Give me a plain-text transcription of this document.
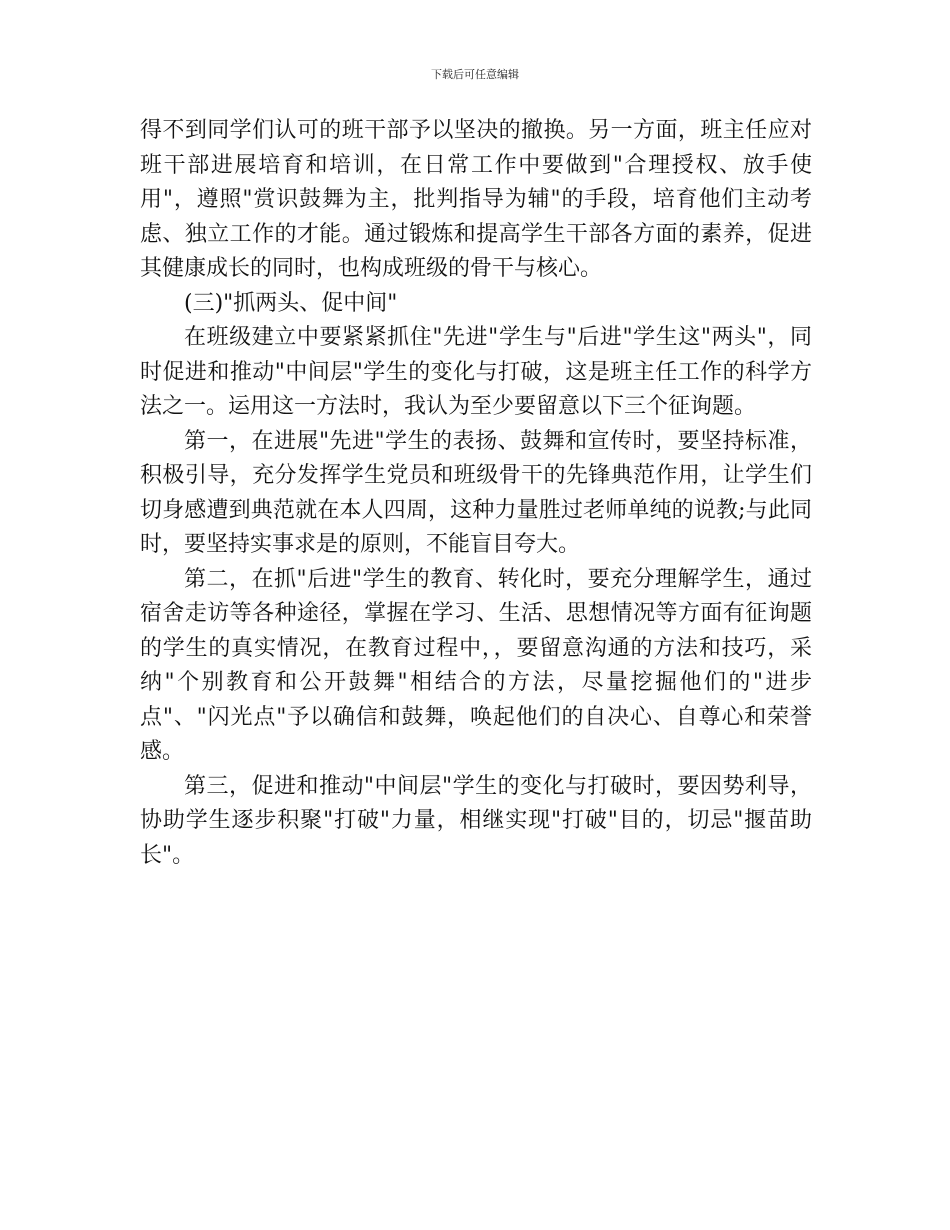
下载后可任意编辑

得不到同学们认可的班干部予以坚决的撤换。另一方面，班主任应对班干部进展培育和培训，在日常工作中要做到"合理授权、放手使用"，遵照"赏识鼓舞为主，批判指导为辅"的手段，培育他们主动考虑、独立工作的才能。通过锻炼和提高学生干部各方面的素养，促进其健康成长的同时，也构成班级的骨干与核心。

(三)"抓两头、促中间"

在班级建立中要紧紧抓住"先进"学生与"后进"学生这"两头"，同时促进和推动"中间层"学生的变化与打破，这是班主任工作的科学方法之一。运用这一方法时，我认为至少要留意以下三个征询题。

第一，在进展"先进"学生的表扬、鼓舞和宣传时，要坚持标准，积极引导，充分发挥学生党员和班级骨干的先锋典范作用，让学生们切身感遭到典范就在本人四周，这种力量胜过老师单纯的说教;与此同时，要坚持实事求是的原则，不能盲目夸大。

第二，在抓"后进"学生的教育、转化时，要充分理解学生，通过宿舍走访等各种途径，掌握在学习、生活、思想情况等方面有征询题的学生的真实情况，在教育过程中，，要留意沟通的方法和技巧，采纳"个别教育和公开鼓舞"相结合的方法，尽量挖掘他们的"进步点"、"闪光点"予以确信和鼓舞，唤起他们的自决心、自尊心和荣誉感。

第三，促进和推动"中间层"学生的变化与打破时，要因势利导，协助学生逐步积聚"打破"力量，相继实现"打破"目的，切忌"揠苗助长"。
